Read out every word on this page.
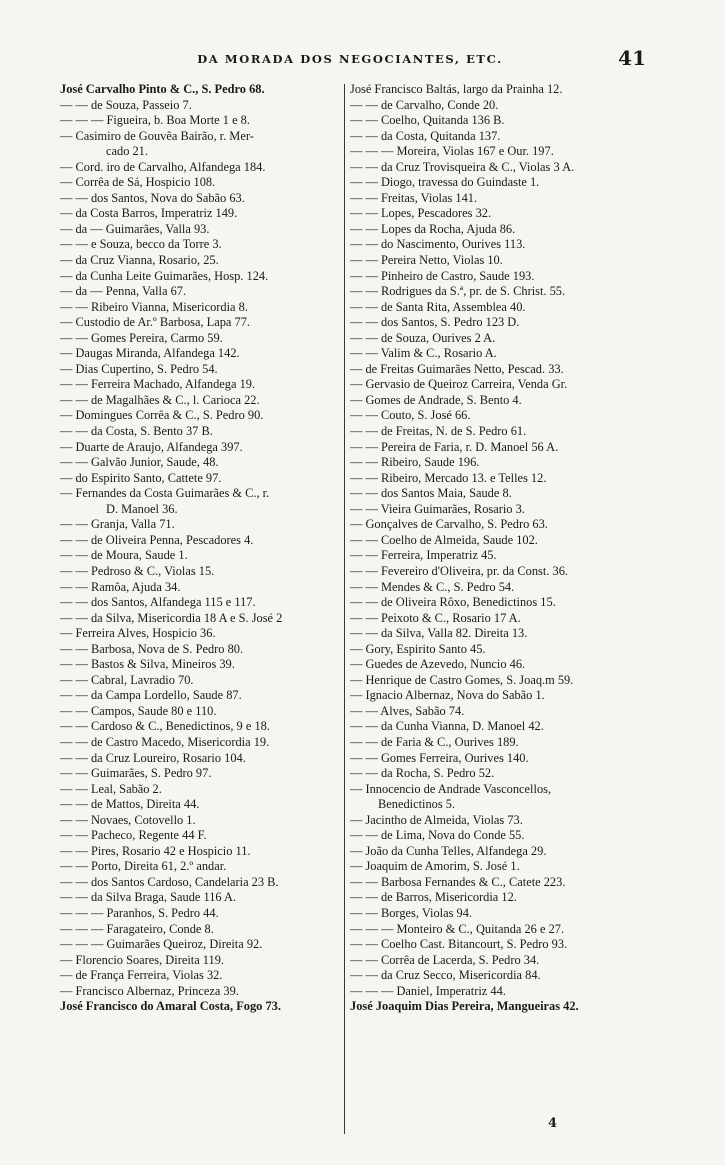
DA MORADA DOS NEGOCIANTES, ETC.	41
José Carvalho Pinto & C., S. Pedro 68.
— — de Souza, Passeio 7.
— — — Figueira, b. Boa Morte 1 e 8.
— Casimiro de Gouvêa Bairão, r. Mer-
cado 21.
— Cord. iro de Carvalho, Alfandega 184.
— Corrêa de Sá, Hospicio 108.
— — dos Santos, Nova do Sabão 63.
— da Costa Barros, Imperatriz 149.
— da — Guimarães, Valla 93.
— — e Souza, becco da Torre 3.
— da Cruz Vianna, Rosario, 25.
— da Cunha Leite Guimarães, Hosp. 124.
— da — Penna, Valla 67.
— — Ribeiro Vianna, Misericordia 8.
— Custodio de Ar.º Barbosa, Lapa 77.
— — Gomes Pereira, Carmo 59.
— Daugas Miranda, Alfandega 142.
— Dias Cupertino, S. Pedro 54.
— — Ferreira Machado, Alfandega 19.
— — de Magalhães & C., l. Carioca 22.
— Domingues Corrêa & C., S. Pedro 90.
— — da Costa, S. Bento 37 B.
— Duarte de Araujo, Alfandega 397.
— — Galvão Junior, Saude, 48.
— do Espirito Santo, Cattete 97.
— Fernandes da Costa Guimarães & C., r.
D. Manoel 36.
— — Granja, Valla 71.
— — de Oliveira Penna, Pescadores 4.
— — de Moura, Saude 1.
— — Pedroso & C., Violas 15.
— — Ramôa, Ajuda 34.
— — dos Santos, Alfandega 115 e 117.
— — da Silva, Misericordia 18 A e S. José 2
— Ferreira Alves, Hospicio 36.
— — Barbosa, Nova de S. Pedro 80.
— — Bastos & Silva, Mineiros 39.
— — Cabral, Lavradio 70.
— — da Campa Lordello, Saude 87.
— — Campos, Saude 80 e 110.
— — Cardoso & C., Benedictinos, 9 e 18.
— — de Castro Macedo, Misericordia 19.
— — da Cruz Loureiro, Rosario 104.
— — Guimarães, S. Pedro 97.
— — Leal, Sabão 2.
— — de Mattos, Direita 44.
— — Novaes, Cotovello 1.
— — Pacheco, Regente 44 F.
— — Pires, Rosario 42 e Hospicio 11.
— — Porto, Direita 61, 2.º andar.
— — dos Santos Cardoso, Candelaria 23 B.
— — da Silva Braga, Saude 116 A.
— — — Paranhos, S. Pedro 44.
— — — Faragateiro, Conde 8.
— — — Guimarães Queiroz, Direita 92.
— Florencio Soares, Direita 119.
— de França Ferreira, Violas 32.
— Francisco Albernaz, Princeza 39.
José Francisco do Amaral Costa, Fogo 73.
José Francisco Baltás, largo da Prainha 12.
— — de Carvalho, Conde 20.
— — Coelho, Quitanda 136 B.
— — da Costa, Quitanda 137.
— — — Moreira, Violas 167 e Our. 197.
— — da Cruz Trovisqueira & C., Violas 3 A.
— — Diogo, travessa do Guindaste 1.
— — Freitas, Violas 141.
— — Lopes, Pescadores 32.
— — Lopes da Rocha, Ajuda 86.
— — do Nascimento, Ourives 113.
— — Pereira Netto, Violas 10.
— — Pinheiro de Castro, Saude 193.
— — Rodrigues da S.ª, pr. de S. Christ. 55.
— — de Santa Rita, Assemblea 40.
— — dos Santos, S. Pedro 123 D.
— — de Souza, Ourives 2 A.
— — Valim & C., Rosario A.
— de Freitas Guimarães Netto, Pescad. 33.
— Gervasio de Queiroz Carreira, Venda Gr.
— Gomes de Andrade, S. Bento 4.
— — Couto, S. José 66.
— — de Freitas, N. de S. Pedro 61.
— — Pereira de Faria, r. D. Manoel 56 A.
— — Ribeiro, Saude 196.
— — Ribeiro, Mercado 13. e Telles 12.
— — dos Santos Maia, Saude 8.
— — Vieira Guimarães, Rosario 3.
— Gonçalves de Carvalho, S. Pedro 63.
— — Coelho de Almeida, Saude 102.
— — Ferreira, Imperatriz 45.
— — Fevereiro d'Oliveira, pr. da Const. 36.
— — Mendes & C., S. Pedro 54.
— — de Oliveira Rôxo, Benedictinos 15.
— — Peixoto & C., Rosario 17 A.
— — da Silva, Valla 82. Direita 13.
— Gory, Espirito Santo 45.
— Guedes de Azevedo, Nuncio 46.
— Henrique de Castro Gomes, S. Joaq.m 59.
— Ignacio Albernaz, Nova do Sabão 1.
— — Alves, Sabão 74.
— — da Cunha Vianna, D. Manoel 42.
— — de Faria & C., Ourives 189.
— — Gomes Ferreira, Ourives 140.
— — da Rocha, S. Pedro 52.
— Innocencio de Andrade Vasconcellos,
Benedictinos 5.
— Jacintho de Almeida, Violas 73.
— — de Lima, Nova do Conde 55.
— João da Cunha Telles, Alfandega 29.
— Joaquim de Amorim, S. José 1.
— — Barbosa Fernandes & C., Catete 223.
— — de Barros, Misericordia 12.
— — Borges, Violas 94.
— — — Monteiro & C., Quitanda 26 e 27.
— — Coelho Cast. Bitancourt, S. Pedro 93.
— — Corrêa de Lacerda, S. Pedro 34.
— — da Cruz Secco, Misericordia 84.
— — — Daniel, Imperatriz 44.
José Joaquim Dias Pereira, Mangueiras 42.
4
